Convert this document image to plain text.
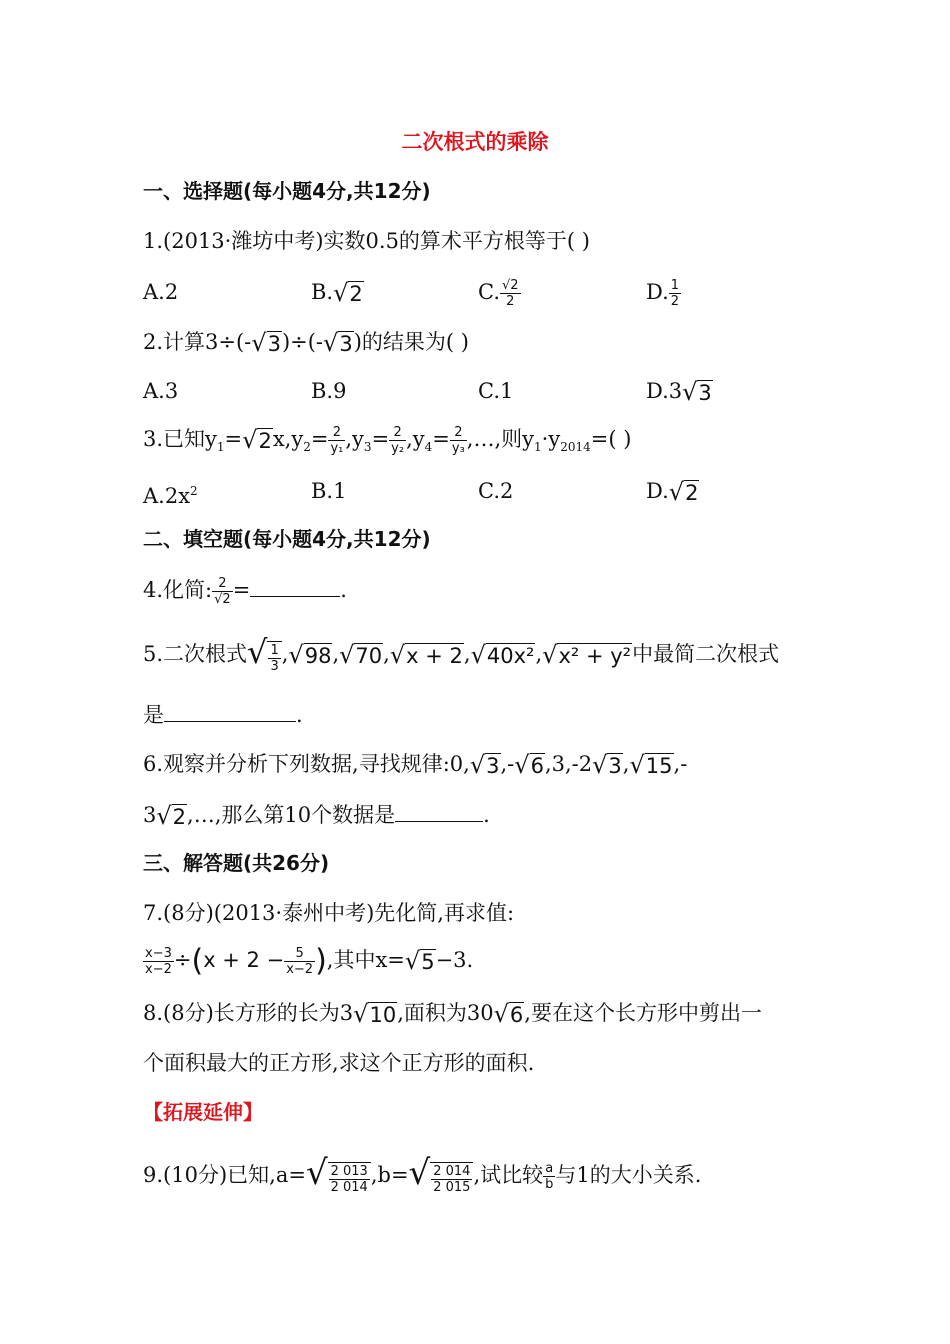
二次根式的乘除
一、选择题(每小题4分,共12分)
1.(2013·潍坊中考)实数0.5的算术平方根等于( )
A.2	B.√2	C. $\frac{√2}{2}$	D. $\frac{1}{2}$
2.计算3÷(-√3)÷(-√3)的结果为( )
A.3	B.9	C.1	D.3√3
3.已知$y_1=√2x,y_2= \frac{2}{\text{y₁}} ,y_3= \frac{2}{\text{y₂}} ,y_4= \frac{2}{\text{y₃}}$ ,…,则$y_1\cdot y_{2014}=$( )
$A.2x^2$	B.1	C.2	D.√2
二、填空题(每小题4分,共12分)
4.化简: $\frac{2}{√2}$ =	.
5.二次根式√ $\frac{1}{3} ,√98,√70,√x + 2,√40x^2,√x^2 + y^2$中最简二次根式
是	.
6.观察并分析下列数据,寻找规律:0,√3,-√6,3,-2√3,√15,-
3√2,…,那么第10个数据是	.
三、解答题(共26分)
7.(8分)(2013·泰州中考)先化简,再求值:
$\frac{x-3}{x-2} \div(x + 2 - \frac{5}{x-2}$ ),其中x=√5−3.
8.(8分)长方形的长为3√10,面积为30√6,要在这个长方形中剪出一
个面积最大的正方形,求这个正方形的面积.
【拓展延伸】
9.(10分)已知$,a=√ \frac{2 013}{2 014} ,b=√ \frac{2 014}{2 015}$ ,试比较 $\frac{a}{b}$ 与1的大小关系.
